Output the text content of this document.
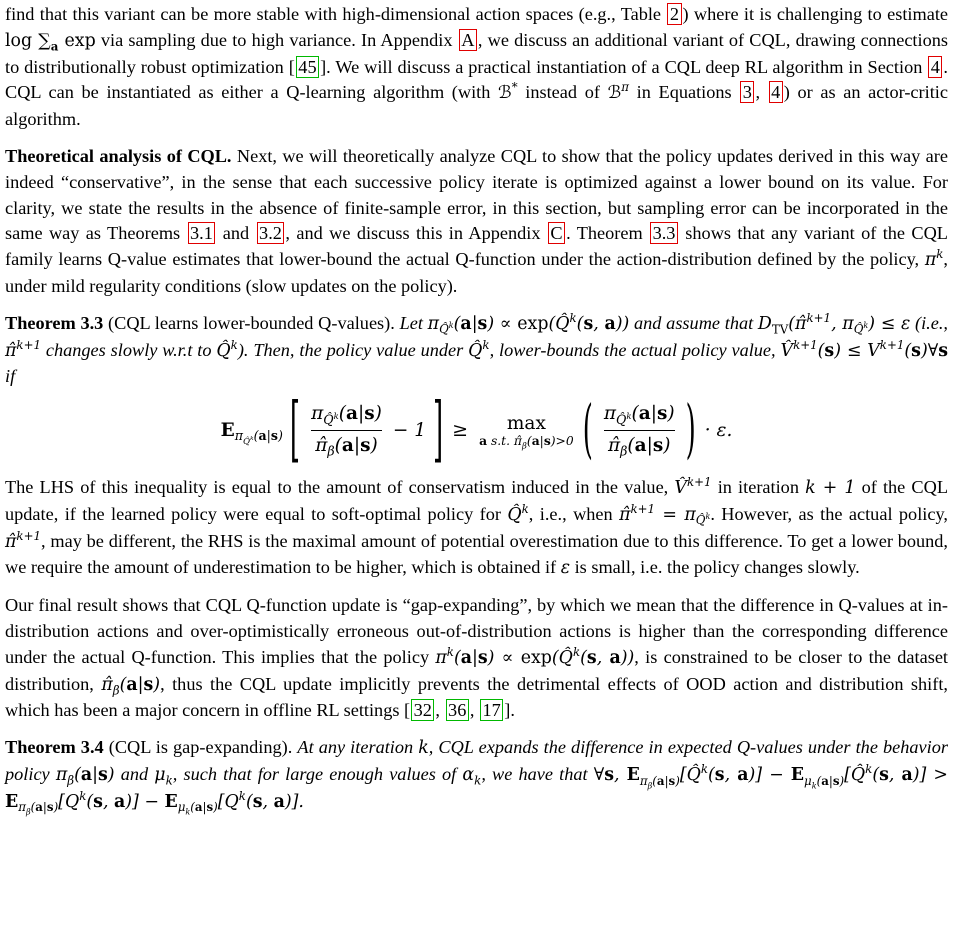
find that this variant can be more stable with high-dimensional action spaces (e.g., Table 2 ) where it is challenging to estimate $\log \sum_a$ exp via sampling due to high variance. In Appendix A , we discuss an additional variant of CQL, drawing connections to distributionally robust optimization [ 45 ]. We will discuss a practical instantiation of a CQL deep RL algorithm in Section 4 . CQL can be instantiated as either a Q-learning algorithm (with ℬ* instead of ℬ$^\pi$ in Equations 3 , 4 ) or as an actor-critic algorithm.

Theoretical analysis of CQL. Next, we will theoretically analyze CQL to show that the policy updates derived in this way are indeed “conservative”, in the sense that each successive policy iterate is optimized against a lower bound on its value. For clarity, we state the results in the absence of finite-sample error, in this section, but sampling error can be incorporated in the same way as Theorems 3.1 and 3.2 , and we discuss this in Appendix C . Theorem 3.3 shows that any variant of the CQL family learns Q-value estimates that lower-bound the actual Q-function under the action-distribution defined by the policy, $\pi^k$, under mild regularity conditions (slow updates on the policy).

Theorem 3.3 (CQL learns lower-bounded Q-values). Let $\pi_{Q̂^k}(a|s)$ ∝ exp(Q̂$^k$(s, a)) and assume that $D_{TV}(\pî^{k+1}$, $\pi_{Q̂^k}) \le \varepsilon$ (i.e., π̂$^{k+1}$ changes slowly w.r.t to Q̂$^k$). Then, the policy value under Q̂$^k$, lower-bounds the actual policy value, V̂$^{k+1}$(s) ≤ $V^{k+1}(s)\forall s$ if

$E_{\pi_{Q̂^k}(a|s)}$ [ $\frac{\pi_{Q̂^k}(a|s)}{\pî_\beta(a|s)} - 1$ ] ≥ max
a s.t. $\pî_\beta(a|s)>0$ ( $\frac{\pi_{Q̂^k}(a|s)}{\pî_\beta(a|s)}$ ) · ε.

The LHS of this inequality is equal to the amount of conservatism induced in the value, V̂$^{k+1}$ in iteration k + 1 of the CQL update, if the learned policy were equal to soft-optimal policy for Q̂$^k$, i.e., when π̂$^{k+1}$ = $\pi_{Q̂^k}$. However, as the actual policy, π̂$^{k+1}$, may be different, the RHS is the maximal amount of potential overestimation due to this difference. To get a lower bound, we require the amount of underestimation to be higher, which is obtained if ε is small, i.e. the policy changes slowly.

Our final result shows that CQL Q-function update is “gap-expanding”, by which we mean that the difference in Q-values at in-distribution actions and over-optimistically erroneous out-of-distribution actions is higher than the corresponding difference under the actual Q-function. This implies that the policy $\pi^k(a|s)$ ∝ exp(Q̂$^k$(s, a)), is constrained to be closer to the dataset distribution, $\pî_\beta(a|s)$, thus the CQL update implicitly prevents the detrimental effects of OOD action and distribution shift, which has been a major concern in offline RL settings [ 32 , 36 , 17 ].

Theorem 3.4 (CQL is gap-expanding). At any iteration k, CQL expands the difference in expected Q-values under the behavior policy $\pi_\beta(a|s)$ and $\mu_k$, such that for large enough values of $\alpha_k$, we have that ∀s, $E_{\pi_\beta(a|s)}[Q̂^k(s$, $a)] - E_{\mu_k(a|s)}[Q̂^k(s$, $a)] > E_{\pi_\beta(a|s)}[Q^k(s$, $a)] - E_{\mu_k(a|s)}[Q^k(s$, a)].
